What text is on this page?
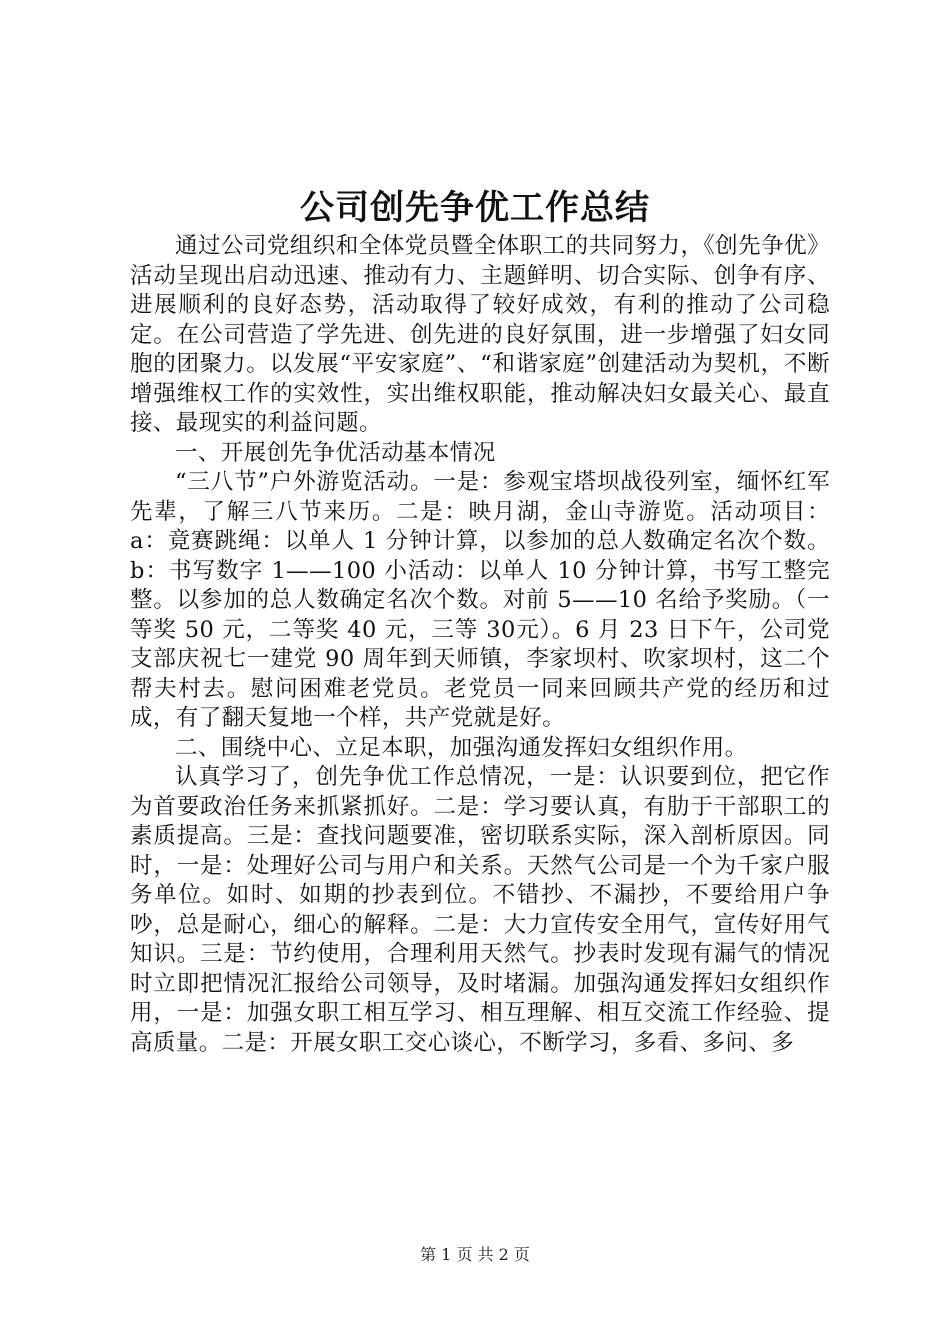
公司创先争优工作总结

通过公司党组织和全体党员暨全体职工的共同努力，《创先争优》活动呈现出启动迅速、推动有力、主题鲜明、切合实际、创争有序、进展顺利的良好态势，活动取得了较好成效，有利的推动了公司稳定。在公司营造了学先进、创先进的良好氛围，进一步增强了妇女同胞的团聚力。以发展“平安家庭”、“和谐家庭”创建活动为契机，不断增强维权工作的实效性，实出维权职能，推动解决妇女最关心、最直接、最现实的利益问题。

一、开展创先争优活动基本情况

“三八节”户外游览活动。一是：参观宝塔坝战役列室，缅怀红军先辈，了解三八节来历。二是：映月湖，金山寺游览。活动项目：a：竟赛跳绳：以单人 1 分钟计算，以参加的总人数确定名次个数。b：书写数字 1——100 小活动：以单人 10 分钟计算，书写工整完整。以参加的总人数确定名次个数。对前 5——10 名给予奖励。（一等奖 50 元，二等奖 40 元，三等 30元）。6 月 23 日下午，公司党支部庆祝七一建党 90 周年到天师镇，李家坝村、吹家坝村，这二个帮夫村去。慰问困难老党员。老党员一同来回顾共产党的经历和过成，有了翻天复地一个样，共产党就是好。

二、围绕中心、立足本职，加强沟通发挥妇女组织作用。

认真学习了，创先争优工作总情况，一是：认识要到位，把它作为首要政治任务来抓紧抓好。二是：学习要认真，有肋于干部职工的素质提高。三是：查找问题要准，密切联系实际，深入剖析原因。同时，一是：处理好公司与用户和关系。天然气公司是一个为千家户服务单位。如时、如期的抄表到位。不错抄、不漏抄，不要给用户争吵，总是耐心，细心的解释。二是：大力宣传安全用气，宣传好用气知识。三是：节约使用，合理利用天然气。抄表时发现有漏气的情况时立即把情况汇报给公司领导，及时堵漏。加强沟通发挥妇女组织作用，一是：加强女职工相互学习、相互理解、相互交流工作经验、提高质量。二是：开展女职工交心谈心，不断学习，多看、多问、多

第 1 页 共 2 页
